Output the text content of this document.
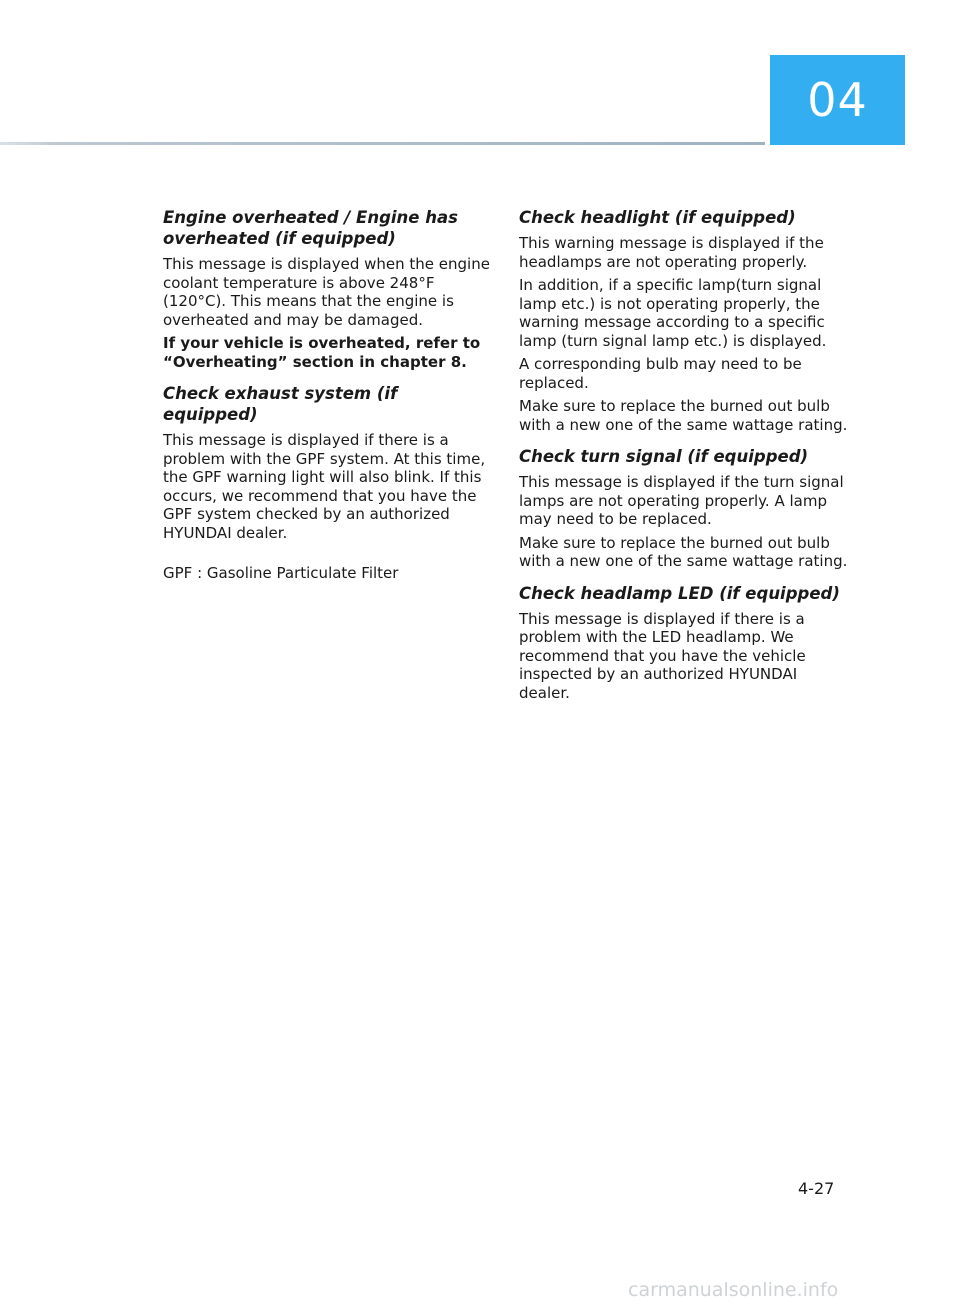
04
Engine overheated / Engine has overheated (if equipped)

This message is displayed when the engine coolant temperature is above 248°F (120°C). This means that the engine is overheated and may be damaged.

If your vehicle is overheated, refer to “Overheating” section in chapter 8.

Check exhaust system (if equipped)

This message is displayed if there is a problem with the GPF system. At this time, the GPF warning light will also blink. If this occurs, we recommend that you have the GPF system checked by an authorized HYUNDAI dealer.

GPF : Gasoline Particulate Filter

Check headlight (if equipped)

This warning message is displayed if the headlamps are not operating properly.

In addition, if a specific lamp(turn signal lamp etc.) is not operating properly, the warning message according to a specific lamp (turn signal lamp etc.) is displayed.

A corresponding bulb may need to be replaced.

Make sure to replace the burned out bulb with a new one of the same wattage rating.

Check turn signal (if equipped)

This message is displayed if the turn signal lamps are not operating properly. A lamp may need to be replaced.

Make sure to replace the burned out bulb with a new one of the same wattage rating.

Check headlamp LED (if equipped)

This message is displayed if there is a problem with the LED headlamp. We recommend that you have the vehicle inspected by an authorized HYUNDAI dealer.

4-27
carmanualsonline.info
